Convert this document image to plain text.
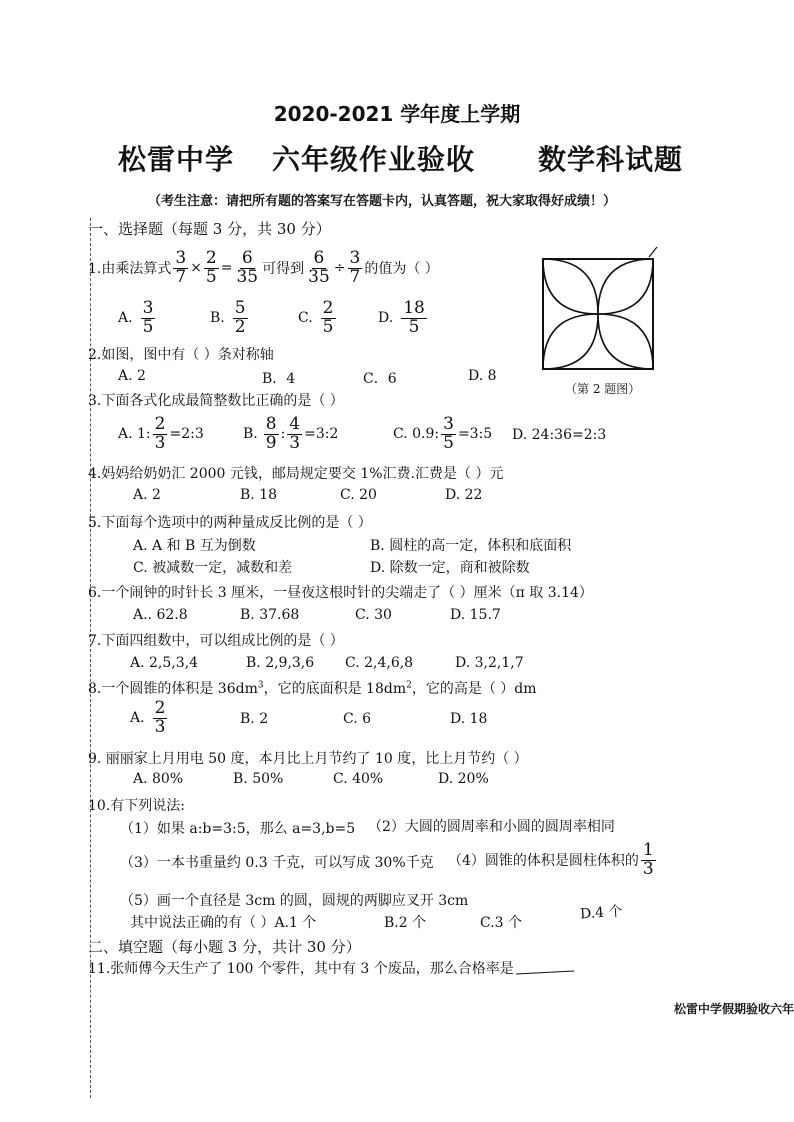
2020-2021 学年度上学期
松雷中学 六年级作业验收 数学科试题
（考生注意：请把所有题的答案写在答题卡内，认真答题，祝大家取得好成绩！）
一、选择题（每题 3 分，共 30 分）
1.由乘法算式 $\frac{3}{7} \times \frac{2}{5} = \frac{6}{35}$ 可得到 $\frac{6}{35} \div \frac{3}{7}$ 的值为（ ）
A. $\frac{3}{5}$	B. $\frac{5}{2}$	C. $\frac{2}{5}$	D. $\frac{18}{5}$
（第 2 题图）
2.如图，图中有（ ）条对称轴
A. 2	B．4	C．6	D. 8
3.下面各式化成最简整数比正确的是（ ）
A. 1: $\frac{2}{3}$ =2:3	B. $\frac{8}{9}$ : $\frac{4}{3}$ =3:2	C. 0.9: $\frac{3}{5}$ =3:5 D. 24:36=2:3
4.妈妈给奶奶汇 2000 元钱，邮局规定要交 1%汇费.汇费是（ ）元
A. 2	B. 18	C. 20	D. 22
5.下面每个选项中的两种量成反比例的是（ ）
A. A 和 B 互为倒数	B. 圆柱的高一定，体积和底面积
C. 被减数一定，减数和差	D. 除数一定，商和被除数
6.一个闹钟的时针长 3 厘米，一昼夜这根时针的尖端走了（ ）厘米（π 取 3.14）
A.. 62.8	B. 37.68	C. 30	D. 15.7
7.下面四组数中，可以组成比例的是（ ）
A. 2,5,3,4	B. 2,9,3,6 C. 2,4,6,8	D. 3,2,1,7
8.一个圆锥的体积是 $36dm^3$，它的底面积是 $18dm^2$，它的高是（ ）dm
A. $\frac{2}{3}$	B. 2	C. 6	D. 18
9. 丽丽家上月用电 50 度，本月比上月节约了 10 度，比上月节约（ ）
A. 80%	B. 50%	C. 40%	D. 20%
10.有下列说法:
（1）如果 a:b=3:5，那么 a=3,b=5 （2）大圆的圆周率和小圆的圆周率相同
（3）一本书重量约 0.3 千克，可以写成 30%千克 （4）圆锥的体积是圆柱体积的 $\frac{1}{3}$
（5）画一个直径是 3cm 的圆，圆规的两脚应叉开 3cm
其中说法正确的有（ ）A.1 个	B.2 个	C.3 个
D.4 个
二、填空题（每小题 3 分，共计 30 分）
11.张师傅今天生产了 100 个零件，其中有 3 个废品，那么合格率是
松雷中学假期验收六年
